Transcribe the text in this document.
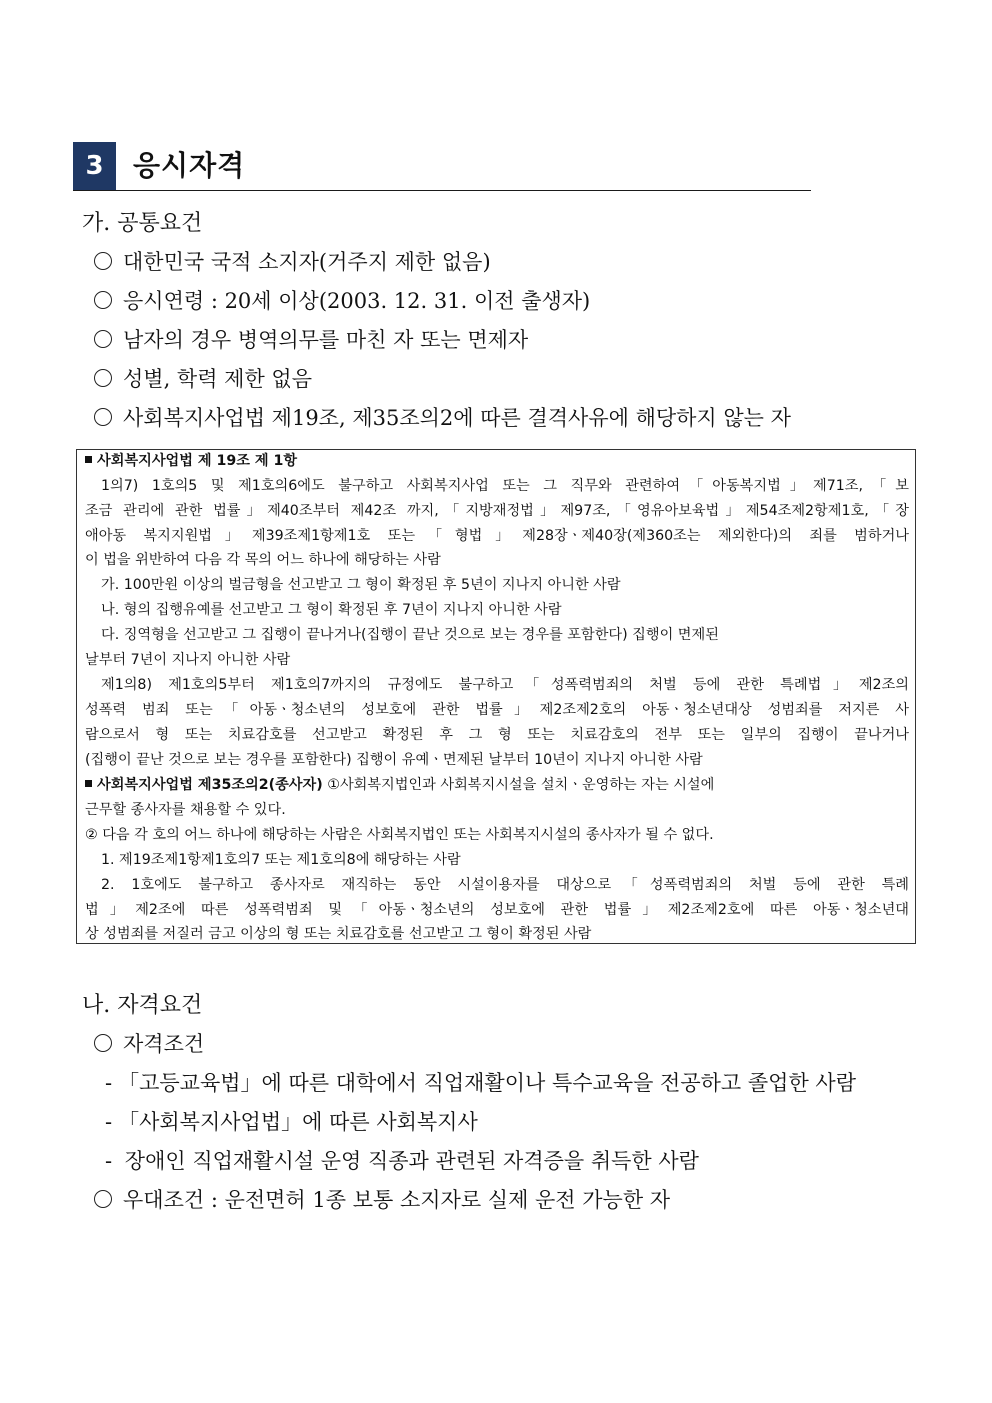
3	응시자격
가. 공통요건
대한민국 국적 소지자(거주지 제한 없음)
응시연령 : 20세 이상(2003. 12. 31. 이전 출생자)
남자의 경우 병역의무를 마친 자 또는 면제자
성별, 학력 제한 없음
사회복지사업법 제19조, 제35조의2에 따른 결격사유에 해당하지 않는 자
사회복지사업법 제 19조 제 1항
1의7) 1호의5 및 제1호의6에도 불구하고 사회복지사업 또는 그 직무와 관련하여「아동복지법」제71조,「보
조금 관리에 관한 법률」제40조부터 제42조 까지,「지방재정법」제97조,「영유아보육법」제54조제2항제1호,「장
애아동 복지지원법」제39조제1항제1호 또는「형법」제28장ㆍ제40장(제360조는 제외한다)의 죄를 범하거나
이 법을 위반하여 다음 각 목의 어느 하나에 해당하는 사람
가. 100만원 이상의 벌금형을 선고받고 그 형이 확정된 후 5년이 지나지 아니한 사람
나. 형의 집행유예를 선고받고 그 형이 확정된 후 7년이 지나지 아니한 사람
다. 징역형을 선고받고 그 집행이 끝나거나(집행이 끝난 것으로 보는 경우를 포함한다) 집행이 면제된
날부터 7년이 지나지 아니한 사람
제1의8) 제1호의5부터 제1호의7까지의 규정에도 불구하고「성폭력범죄의 처벌 등에 관한 특례법」제2조의
성폭력 범죄 또는「아동ㆍ청소년의 성보호에 관한 법률」제2조제2호의 아동ㆍ청소년대상 성범죄를 저지른 사
람으로서 형 또는 치료감호를 선고받고 확정된 후 그 형 또는 치료감호의 전부 또는 일부의 집행이 끝나거나
(집행이 끝난 것으로 보는 경우를 포함한다) 집행이 유예ㆍ면제된 날부터 10년이 지나지 아니한 사람
사회복지사업법 제35조의2(종사자) ①사회복지법인과 사회복지시설을 설치ㆍ운영하는 자는 시설에
근무할 종사자를 채용할 수 있다.
② 다음 각 호의 어느 하나에 해당하는 사람은 사회복지법인 또는 사회복지시설의 종사자가 될 수 없다.
1. 제19조제1항제1호의7 또는 제1호의8에 해당하는 사람
2. 1호에도 불구하고 종사자로 재직하는 동안 시설이용자를 대상으로「성폭력범죄의 처벌 등에 관한 특례
법」제2조에 따른 성폭력범죄 및「아동ㆍ청소년의 성보호에 관한 법률」제2조제2호에 따른 아동ㆍ청소년대
상 성범죄를 저질러 금고 이상의 형 또는 치료감호를 선고받고 그 형이 확정된 사람
나. 자격요건
자격조건
- 「고등교육법」에 따른 대학에서 직업재활이나 특수교육을 전공하고 졸업한 사람
- 「사회복지사업법」에 따른 사회복지사
- 장애인 직업재활시설 운영 직종과 관련된 자격증을 취득한 사람
우대조건 : 운전면허 1종 보통 소지자로 실제 운전 가능한 자
